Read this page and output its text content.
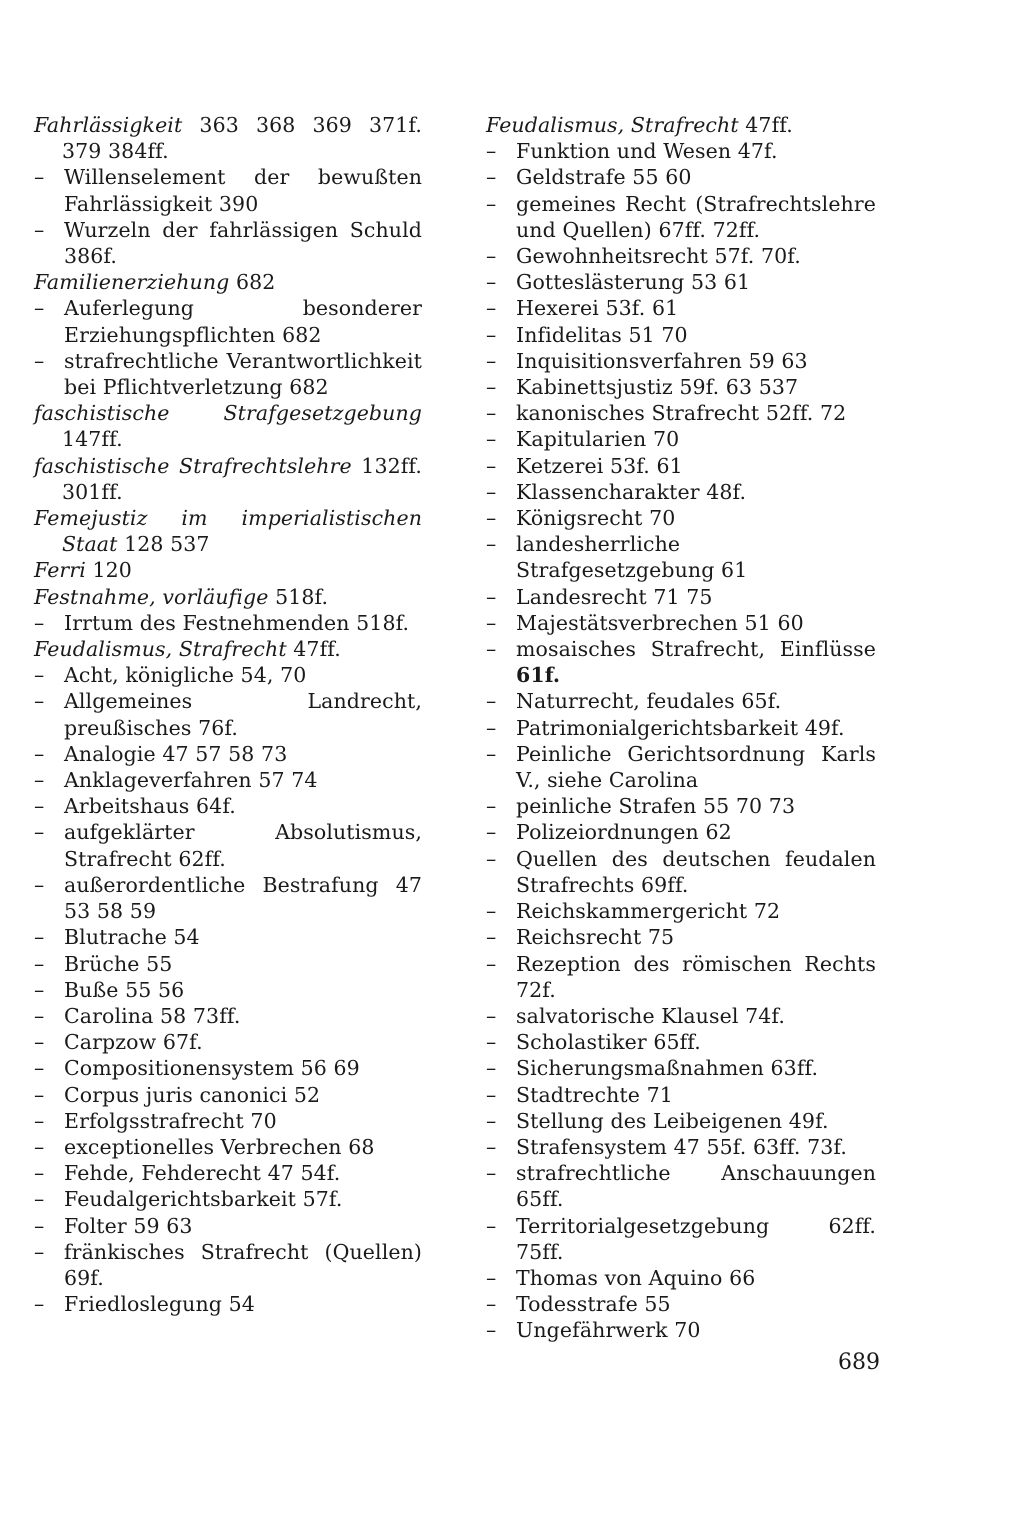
Fahrlässigkeit 363 368 369 371f. 379 384ff.

– Willenselement der bewußten Fahrlässigkeit 390

– Wurzeln der fahrlässigen Schuld 386f.

Familienerziehung 682

– Auferlegung besonderer Erziehungspflichten 682

– strafrechtliche Verantwortlichkeit bei Pflichtverletzung 682

faschistische Strafgesetzgebung 147ff.

faschistische Strafrechtslehre 132ff. 301ff.

Femejustiz im imperialistischen Staat 128 537

Ferri 120

Festnahme, vorläufige 518f.

– Irrtum des Festnehmenden 518f.

Feudalismus, Strafrecht 47ff.

– Acht, königliche 54, 70

– Allgemeines Landrecht, preußisches 76f.

– Analogie 47 57 58 73

– Anklageverfahren 57 74

– Arbeitshaus 64f.

– aufgeklärter Absolutismus, Strafrecht 62ff.

– außerordentliche Bestrafung 47 53 58 59

– Blutrache 54

– Brüche 55

– Buße 55 56

– Carolina 58 73ff.

– Carpzow 67f.

– Compositionensystem 56 69

– Corpus juris canonici 52

– Erfolgsstrafrecht 70

– exceptionelles Verbrechen 68

– Fehde, Fehderecht 47 54f.

– Feudalgerichtsbarkeit 57f.

– Folter 59 63

– fränkisches Strafrecht (Quellen) 69f.

– Friedloslegung 54

Feudalismus, Strafrecht 47ff.

– Funktion und Wesen 47f.

– Geldstrafe 55 60

– gemeines Recht (Strafrechtslehre und Quellen) 67ff. 72ff.

– Gewohnheitsrecht 57f. 70f.

– Gotteslästerung 53 61

– Hexerei 53f. 61

– Infidelitas 51 70

– Inquisitionsverfahren 59 63

– Kabinettsjustiz 59f. 63 537

– kanonisches Strafrecht 52ff. 72

– Kapitularien 70

– Ketzerei 53f. 61

– Klassencharakter 48f.

– Königsrecht 70

– landesherrliche Strafgesetzgebung 61

– Landesrecht 71 75

– Majestätsverbrechen 51 60

– mosaisches Strafrecht, Einflüsse 61f.

– Naturrecht, feudales 65f.

– Patrimonialgerichtsbarkeit 49f.

– Peinliche Gerichtsordnung Karls V., siehe Carolina

– peinliche Strafen 55 70 73

– Polizeiordnungen 62

– Quellen des deutschen feudalen Strafrechts 69ff.

– Reichskammergericht 72

– Reichsrecht 75

– Rezeption des römischen Rechts 72f.

– salvatorische Klausel 74f.

– Scholastiker 65ff.

– Sicherungsmaßnahmen 63ff.

– Stadtrechte 71

– Stellung des Leibeigenen 49f.

– Strafensystem 47 55f. 63ff. 73f.

– strafrechtliche Anschauungen 65ff.

– Territorialgesetzgebung 62ff. 75ff.

– Thomas von Aquino 66

– Todesstrafe 55

– Ungefährwerk 70

689
